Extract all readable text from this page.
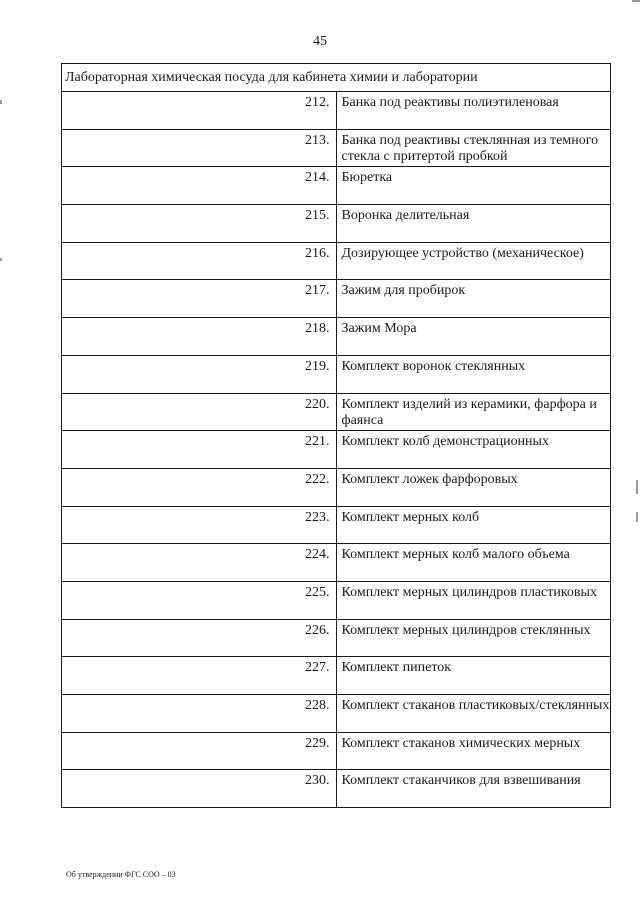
45
Лабораторная химическая посуда для кабинета химии и лаборатории	
212.	Банка под реактивы полиэтиленовая
213.	Банка под реактивы стеклянная из темного стекла с притертой пробкой
214.	Бюретка
215.	Воронка делительная
216.	Дозирующее устройство (механическое)
217.	Зажим для пробирок
218.	Зажим Мора
219.	Комплект воронок стеклянных
220.	Комплект изделий из керамики, фарфора и фаянса
221.	Комплект колб демонстрационных
222.	Комплект ложек фарфоровых
223.	Комплект мерных колб
224.	Комплект мерных колб малого объема
225.	Комплект мерных цилиндров пластиковых
226.	Комплект мерных цилиндров стеклянных
227.	Комплект пипеток
228.	Комплект стаканов пластиковых/стеклянных
229.	Комплект стаканов химических мерных
230.	Комплект стаканчиков для взвешивания
Об утверждении ФГС СОО – 03
